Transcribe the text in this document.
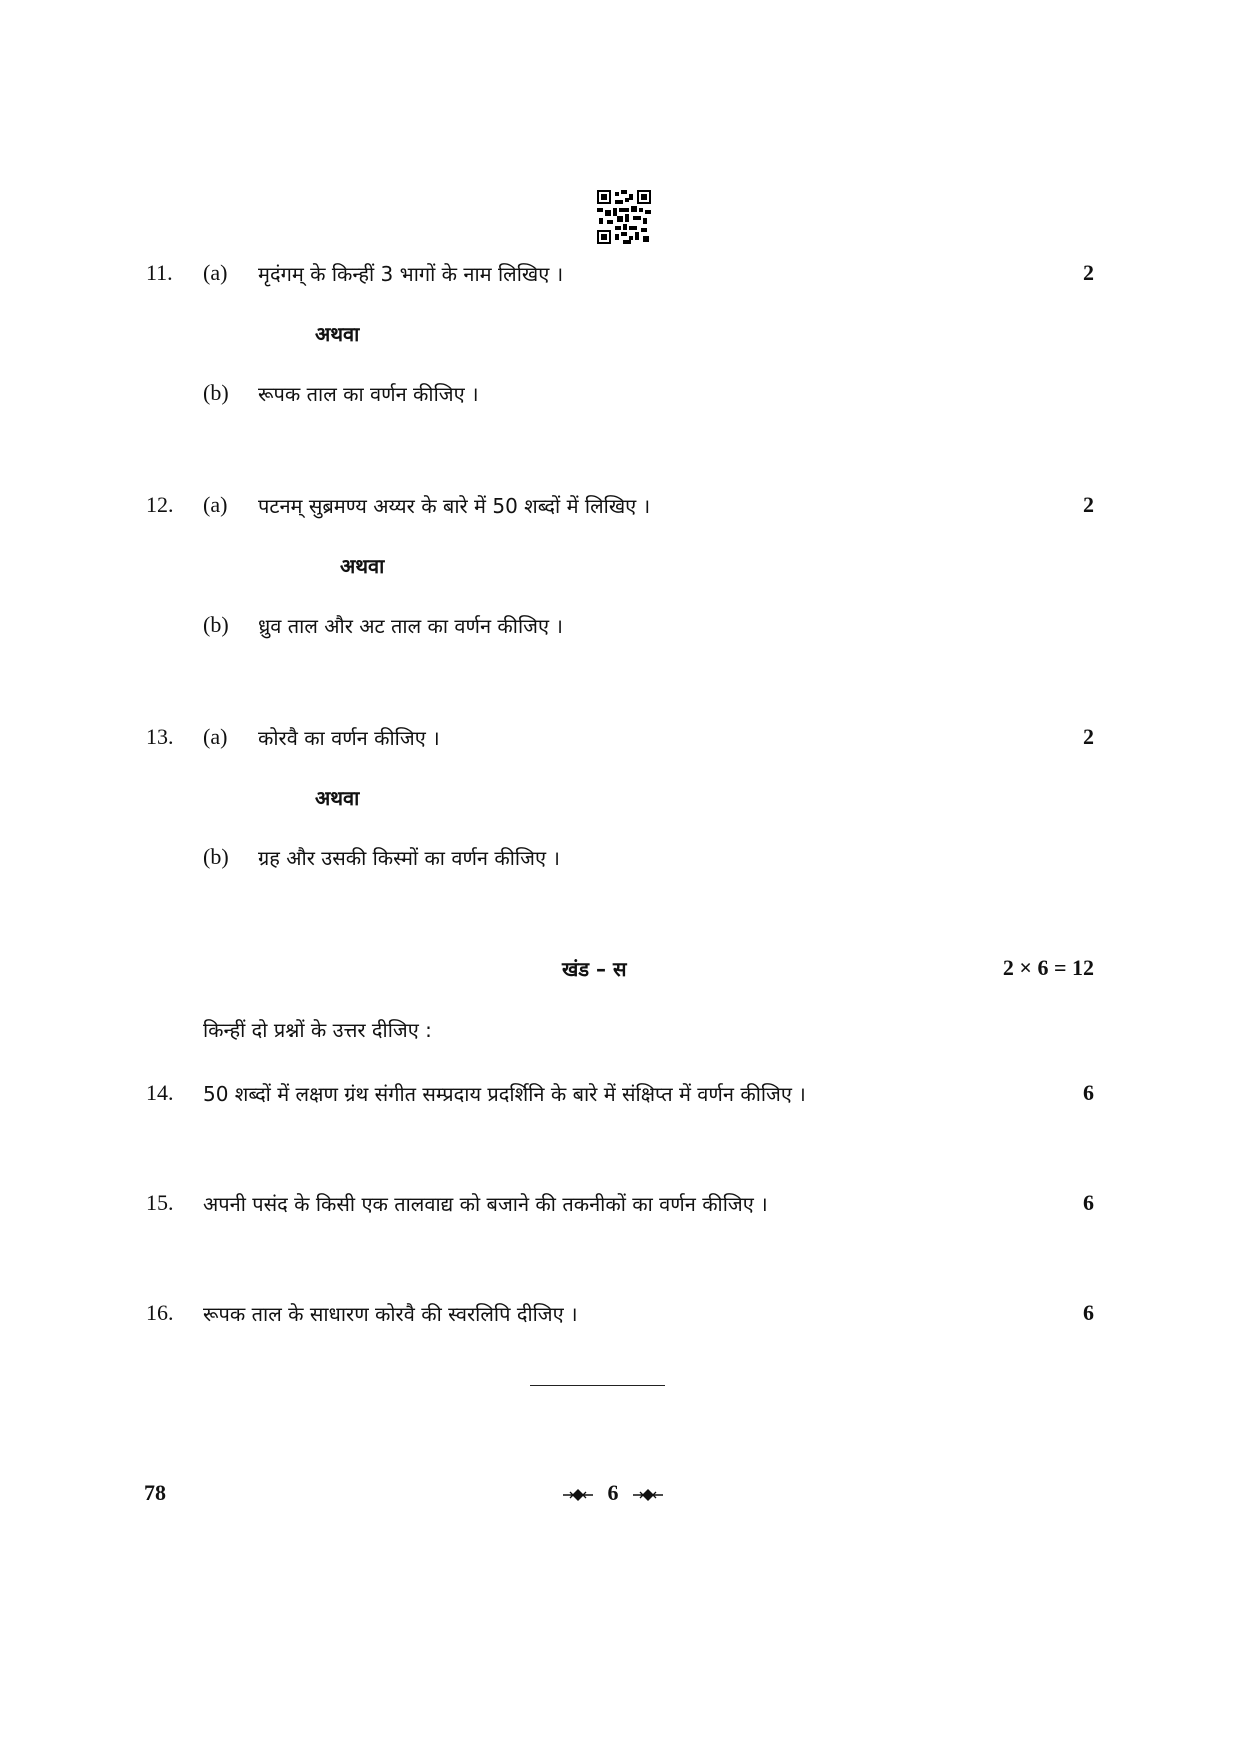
11. (a) मृदंगम् के किन्हीं 3 भागों के नाम लिखिए ।	2
अथवा
(b) रूपक ताल का वर्णन कीजिए ।
12. (a) पटनम् सुब्रमण्य अय्यर के बारे में 50 शब्दों में लिखिए ।	2
अथवा
(b) ध्रुव ताल और अट ताल का वर्णन कीजिए ।
13. (a) कोरवै का वर्णन कीजिए ।	2
अथवा
(b) ग्रह और उसकी किस्मों का वर्णन कीजिए ।
खंड – स	2 × 6 = 12
किन्हीं दो प्रश्नों के उत्तर दीजिए :
14. 50 शब्दों में लक्षण ग्रंथ संगीत सम्प्रदाय प्रदर्शिनि के बारे में संक्षिप्त में वर्णन कीजिए ।	6
15. अपनी पसंद के किसी एक तालवाद्य को बजाने की तकनीकों का वर्णन कीजिए ।	6
16. रूपक ताल के साधारण कोरवै की स्वरलिपि दीजिए ।	6
78	6
